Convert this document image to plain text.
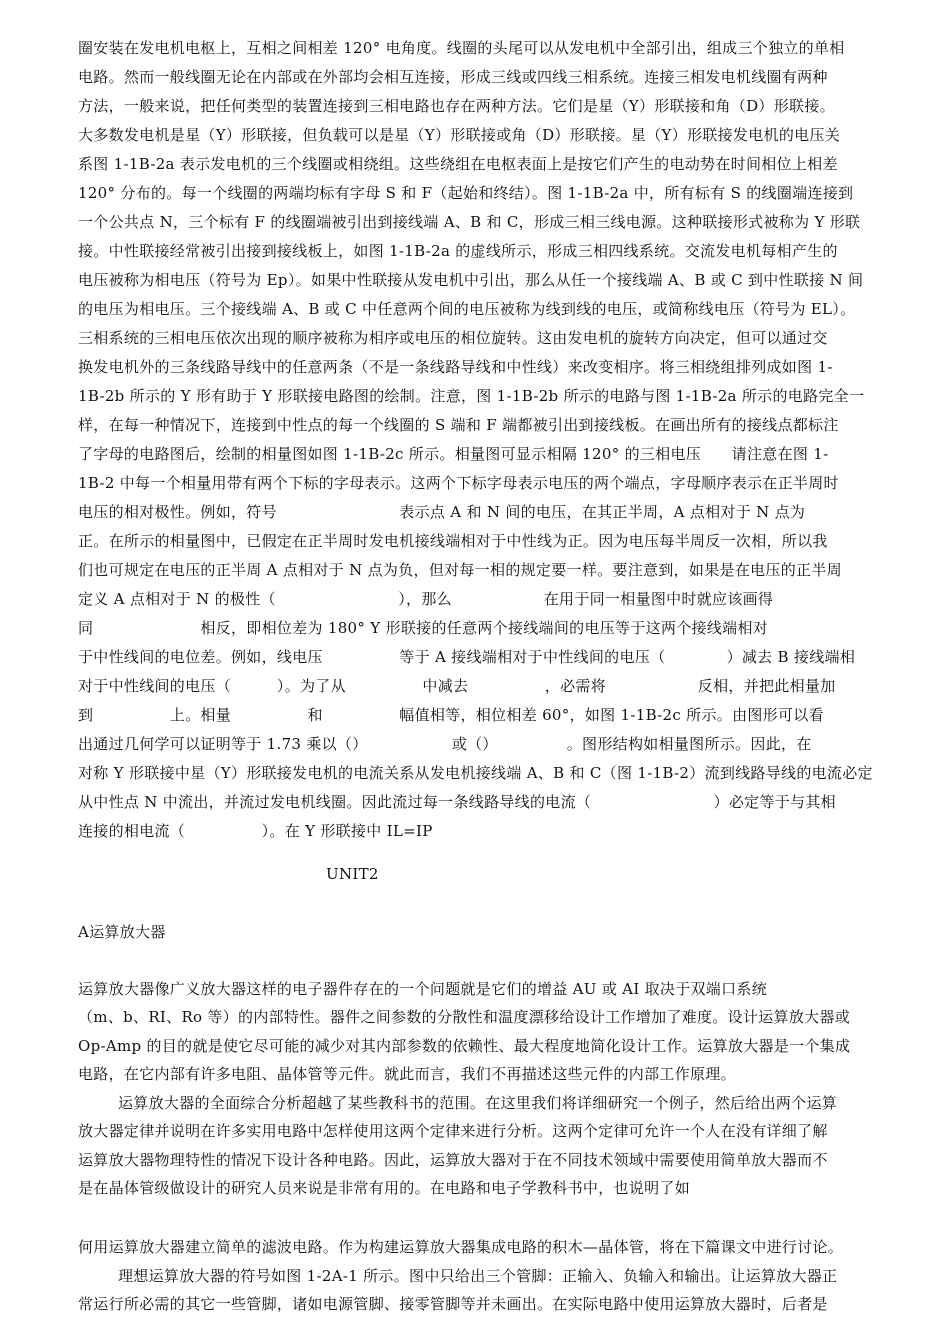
圈安装在发电机电枢上，互相之间相差 120° 电角度。线圈的头尾可以从发电机中全部引出，组成三个独立的单相
电路。然而一般线圈无论在内部或在外部均会相互连接，形成三线或四线三相系统。连接三相发电机线圈有两种
方法，一般来说，把任何类型的装置连接到三相电路也存在两种方法。它们是星（Y）形联接和角（D）形联接。
大多数发电机是星（Y）形联接，但负载可以是星（Y）形联接或角（D）形联接。星（Y）形联接发电机的电压关
系图 1-1B-2a 表示发电机的三个线圈或相绕组。这些绕组在电枢表面上是按它们产生的电动势在时间相位上相差
120° 分布的。每一个线圈的两端均标有字母 S 和 F（起始和终结）。图 1-1B-2a 中，所有标有 S 的线圈端连接到
一个公共点 N，三个标有 F 的线圈端被引出到接线端 A、B 和 C，形成三相三线电源。这种联接形式被称为 Y 形联
接。中性联接经常被引出接到接线板上，如图 1-1B-2a 的虚线所示，形成三相四线系统。交流发电机每相产生的
电压被称为相电压（符号为 Ep）。如果中性联接从发电机中引出，那么从任一个接线端 A、B 或 C 到中性联接 N 间
的电压为相电压。三个接线端 A、B 或 C 中任意两个间的电压被称为线到线的电压，或简称线电压（符号为 EL）。
三相系统的三相电压依次出现的顺序被称为相序或电压的相位旋转。这由发电机的旋转方向决定，但可以通过交
换发电机外的三条线路导线中的任意两条（不是一条线路导线和中性线）来改变相序。将三相绕组排列成如图 1-
1B-2b 所示的 Y 形有助于 Y 形联接电路图的绘制。注意，图 1-1B-2b 所示的电路与图 1-1B-2a 所示的电路完全一
样，在每一种情况下，连接到中性点的每一个线圈的 S 端和 F 端都被引出到接线板。在画出所有的接线点都标注
了字母的电路图后，绘制的相量图如图 1-1B-2c 所示。相量图可显示相隔 120° 的三相电压　　请注意在图 1-
1B-2 中每一个相量用带有两个下标的字母表示。这两个下标字母表示电压的两个端点，字母顺序表示在正半周时
电压的相对极性。例如，符号　　　　　　　　表示点 A 和 N 间的电压，在其正半周，A 点相对于 N 点为
正。在所示的相量图中，已假定在正半周时发电机接线端相对于中性线为正。因为电压每半周反一次相，所以我
们也可规定在电压的正半周 A 点相对于 N 点为负，但对每一相的规定要一样。要注意到，如果是在电压的正半周
定义 A 点相对于 N 的极性（　　　　　　　　），那么　　　　　　在用于同一相量图中时就应该画得
同　　　　　　　相反，即相位差为 180° Y 形联接的任意两个接线端间的电压等于这两个接线端相对
于中性线间的电位差。例如，线电压　　　　　等于 A 接线端相对于中性线间的电压（　　　　）减去 B 接线端相
对于中性线间的电压（　　　）。为了从　　　　　中减去　　　　　，必需将　　　　　　反相，并把此相量加
到　　　　　上。相量　　　　　和　　　　　幅值相等，相位相差 60°，如图 1-1B-2c 所示。由图形可以看
出通过几何学可以证明等于 1.73 乘以（）　　　　　　或（）　　　　　。图形结构如相量图所示。因此，在
对称 Y 形联接中星（Y）形联接发电机的电流关系从发电机接线端 A、B 和 C（图 1-1B-2）流到线路导线的电流必定
从中性点 N 中流出，并流过发电机线圈。因此流过每一条线路导线的电流（　　　　　　　　）必定等于与其相
连接的相电流（　　　　　）。在 Y 形联接中 IL=IP
UNIT2
A运算放大器
运算放大器像广义放大器这样的电子器件存在的一个问题就是它们的增益 AU 或 AI 取决于双端口系统
（m、b、RI、Ro 等）的内部特性。器件之间参数的分散性和温度漂移给设计工作增加了难度。设计运算放大器或
Op-Amp 的目的就是使它尽可能的减少对其内部参数的依赖性、最大程度地简化设计工作。运算放大器是一个集成
电路，在它内部有许多电阻、晶体管等元件。就此而言，我们不再描述这些元件的内部工作原理。
运算放大器的全面综合分析超越了某些教科书的范围。在这里我们将详细研究一个例子，然后给出两个运算
放大器定律并说明在许多实用电路中怎样使用这两个定律来进行分析。这两个定律可允许一个人在没有详细了解
运算放大器物理特性的情况下设计各种电路。因此，运算放大器对于在不同技术领域中需要使用简单放大器而不
是在晶体管级做设计的研究人员来说是非常有用的。在电路和电子学教科书中，也说明了如
何用运算放大器建立简单的滤波电路。作为构建运算放大器集成电路的积木—晶体管，将在下篇课文中进行讨论。
理想运算放大器的符号如图 1-2A-1 所示。图中只给出三个管脚：正输入、负输入和输出。让运算放大器正
常运行所必需的其它一些管脚，诸如电源管脚、接零管脚等并未画出。在实际电路中使用运算放大器时，后者是
